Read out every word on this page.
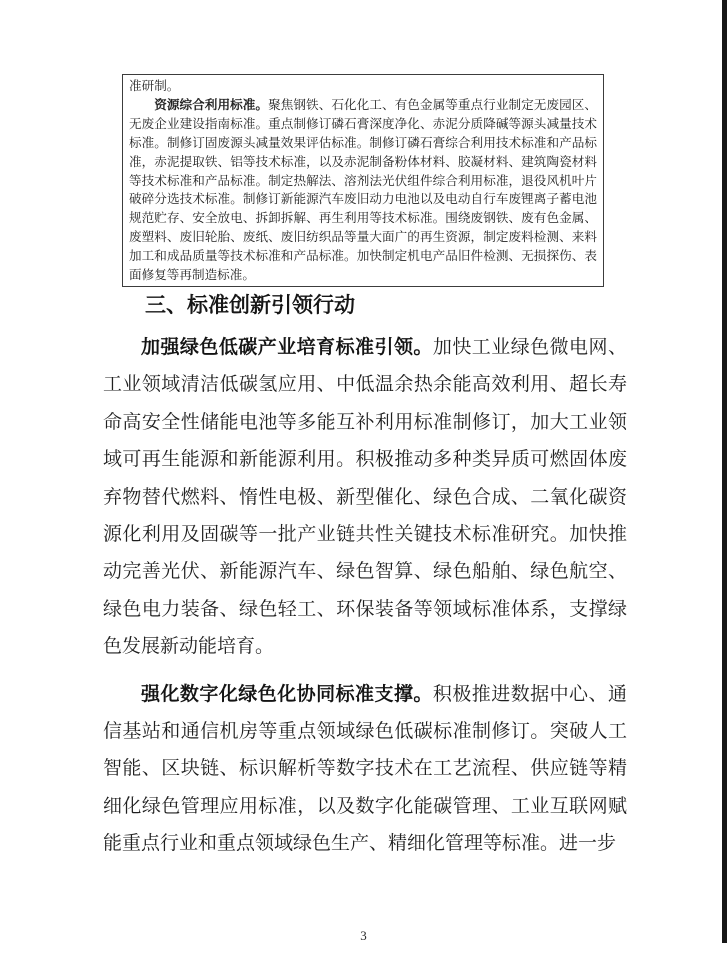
准研制。

资源综合利用标准。聚焦钢铁、石化化工、有色金属等重点行业制定无废园区、无废企业建设指南标准。重点制修订磷石膏深度净化、赤泥分质降碱等源头减量技术标准。制修订固废源头减量效果评估标准。制修订磷石膏综合利用技术标准和产品标准，赤泥提取铁、铝等技术标准，以及赤泥制备粉体材料、胶凝材料、建筑陶瓷材料等技术标准和产品标准。制定热解法、溶剂法光伏组件综合利用标准，退役风机叶片破碎分选技术标准。制修订新能源汽车废旧动力电池以及电动自行车废锂离子蓄电池规范贮存、安全放电、拆卸拆解、再生利用等技术标准。围绕废钢铁、废有色金属、废塑料、废旧轮胎、废纸、废旧纺织品等量大面广的再生资源，制定废料检测、来料加工和成品质量等技术标准和产品标准。加快制定机电产品旧件检测、无损探伤、表面修复等再制造标准。

三、标准创新引领行动

加强绿色低碳产业培育标准引领。加快工业绿色微电网、工业领域清洁低碳氢应用、中低温余热余能高效利用、超长寿命高安全性储能电池等多能互补利用标准制修订，加大工业领域可再生能源和新能源利用。积极推动多种类异质可燃固体废弃物替代燃料、惰性电极、新型催化、绿色合成、二氧化碳资源化利用及固碳等一批产业链共性关键技术标准研究。加快推动完善光伏、新能源汽车、绿色智算、绿色船舶、绿色航空、绿色电力装备、绿色轻工、环保装备等领域标准体系，支撑绿色发展新动能培育。

强化数字化绿色化协同标准支撑。积极推进数据中心、通信基站和通信机房等重点领域绿色低碳标准制修订。突破人工智能、区块链、标识解析等数字技术在工艺流程、供应链等精细化绿色管理应用标准，以及数字化能碳管理、工业互联网赋能重点行业和重点领域绿色生产、精细化管理等标准。进一步

3
